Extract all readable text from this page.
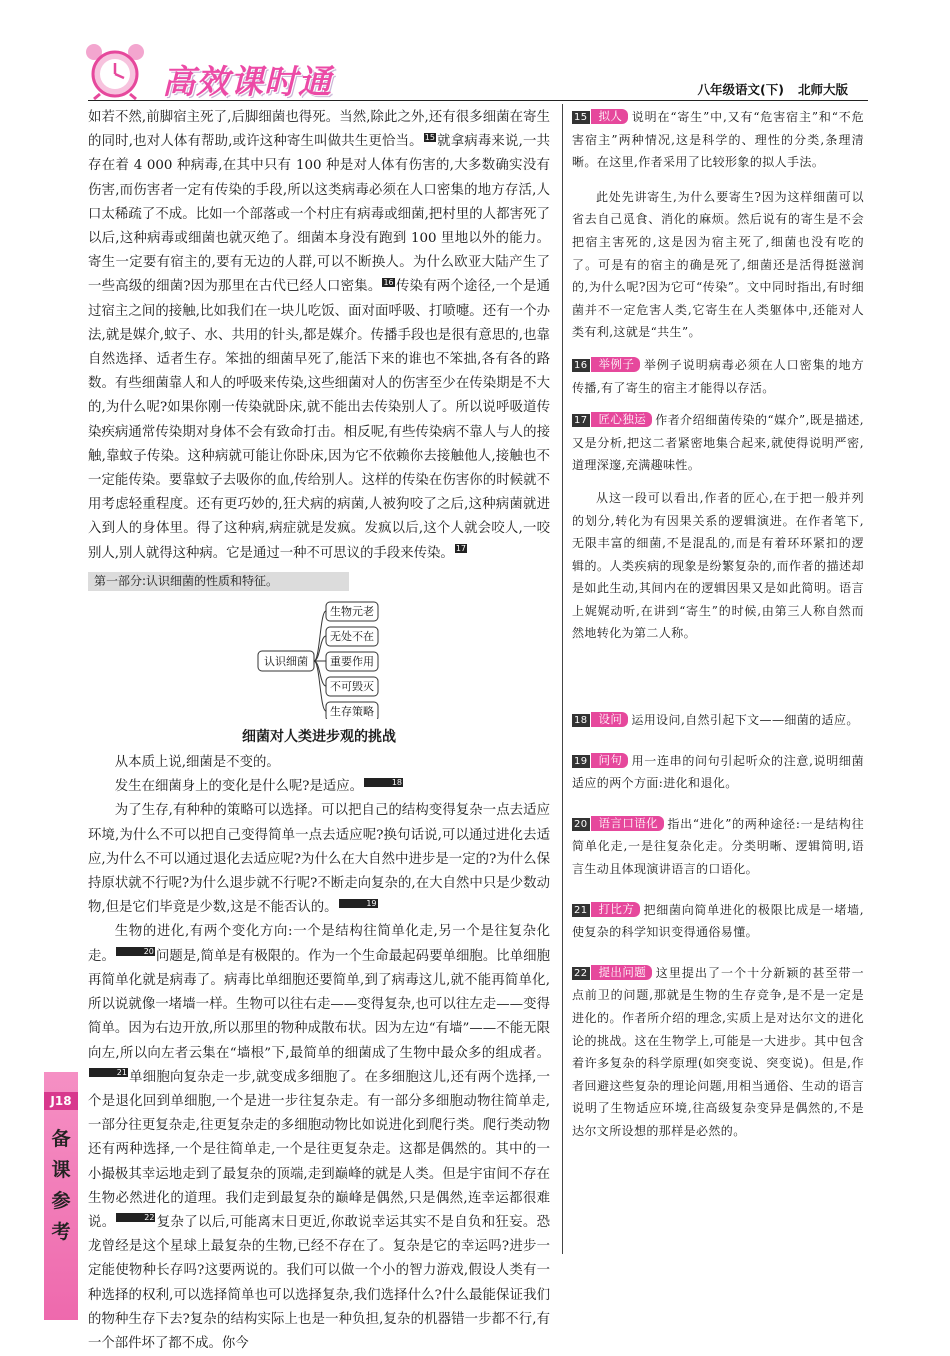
高效课时通	八年级语文(下) 北师大版

如若不然,前脚宿主死了,后脚细菌也得死。当然,除此之外,还有很多细菌在寄生的同时,也对人体有帮助,或许这种寄生叫做共生更恰当。 15 就拿病毒来说,一共存在着 4 000 种病毒,在其中只有 100 种是对人体有伤害的,大多数确实没有伤害,而伤害者一定有传染的手段,所以这类病毒必须在人口密集的地方存活,人口太稀疏了不成。比如一个部落或一个村庄有病毒或细菌,把村里的人都害死了以后,这种病毒或细菌也就灭绝了。细菌本身没有跑到 100 里地以外的能力。寄生一定要有宿主的,要有无边的人群,可以不断换人。为什么欧亚大陆产生了一些高级的细菌?因为那里在古代已经人口密集。 16 传染有两个途径,一个是通过宿主之间的接触,比如我们在一块儿吃饭、面对面呼吸、打喷嚏。还有一个办法,就是媒介,蚊子、水、共用的针头,都是媒介。传播手段也是很有意思的,也靠自然选择、适者生存。笨拙的细菌早死了,能活下来的谁也不笨拙,各有各的路数。有些细菌靠人和人的呼吸来传染,这些细菌对人的伤害至少在传染期是不大的,为什么呢?如果你刚一传染就卧床,就不能出去传染别人了。所以说呼吸道传染疾病通常传染期对身体不会有致命打击。相反呢,有些传染病不靠人与人的接触,靠蚊子传染。这种病就可能让你卧床,因为它不依赖你去接触他人,接触也不一定能传染。要靠蚊子去吸你的血,传给别人。这样的传染在伤害你的时候就不用考虑轻重程度。还有更巧妙的,狂犬病的病菌,人被狗咬了之后,这种病菌就进入到人的身体里。得了这种病,病症就是发疯。发疯以后,这个人就会咬人,一咬别人,别人就得这种病。它是通过一种不可思议的手段来传染。 17

第一部分:认识细菌的性质和特征。
认识细菌
生物元老
无处不在
重要作用
不可毁灭
生存策略
细菌对人类进步观的挑战

从本质上说,细菌是不变的。

发生在细菌身上的变化是什么呢?是适应。	18

为了生存,有种种的策略可以选择。可以把自己的结构变得复杂一点去适应环境,为什么不可以把自己变得简单一点去适应呢?换句话说,可以通过进化去适应,为什么不可以通过退化去适应呢?为什么在大自然中进步是一定的?为什么保持原状就不行呢?为什么退步就不行呢?不断走向复杂的,在大自然中只是少数动物,但是它们毕竟是少数,这是不能否认的。	19

生物的进化,有两个变化方向:一个是结构往简单化走,另一个是往复杂化走。	20 问题是,简单是有极限的。作为一个生命最起码要单细胞。比单细胞再简单化就是病毒了。病毒比单细胞还要简单,到了病毒这儿,就不能再简单化,所以说就像一堵墙一样。生物可以往右走——变得复杂,也可以往左走——变得简单。因为右边开放,所以那里的物种成散布状。因为左边“有墙”——不能无限向左,所以向左者云集在“墙根”下,最简单的细菌成了生物中最众多的组成者。21 单细胞向复杂走一步,就变成多细胞了。在多细胞这儿,还有两个选择,一个是退化回到单细胞,一个是进一步往复杂走。有一部分多细胞动物往简单走,一部分往更复杂走,往更复杂走的多细胞动物比如说进化到爬行类。爬行类动物还有两种选择,一个是往简单走,一个是往更复杂走。这都是偶然的。其中的一小撮极其幸运地走到了最复杂的顶端,走到巅峰的就是人类。但是宇宙间不存在生物必然进化的道理。我们走到最复杂的巅峰是偶然,只是偶然,连幸运都很难说。	22 复杂了以后,可能离末日更近,你敢说幸运其实不是自负和狂妄。恐龙曾经是这个星球上最复杂的生物,已经不存在了。复杂是它的幸运吗?进步一定能使物种长存吗?这要两说的。我们可以做一个小的智力游戏,假设人类有一种选择的权利,可以选择简单也可以选择复杂,我们选择什么?什么最能保证我们的物种生存下去?复杂的结构实际上也是一种负担,复杂的机器错一步都不行,有一个部件坏了都不成。你今

15 拟人 说明在“寄生”中,又有“危害宿主”和“不危害宿主”两种情况,这是科学的、理性的分类,条理清晰。在这里,作者采用了比较形象的拟人手法。

此处先讲寄生,为什么要寄生?因为这样细菌可以省去自己觅食、消化的麻烦。然后说有的寄生是不会把宿主害死的,这是因为宿主死了,细菌也没有吃的了。可是有的宿主的确是死了,细菌还是活得挺滋润的,为什么呢?因为它可“传染”。文中同时指出,有时细菌并不一定危害人类,它寄生在人类躯体中,还能对人类有利,这就是“共生”。

16 举例子 举例子说明病毒必须在人口密集的地方传播,有了寄生的宿主才能得以存活。

17 匠心独运 作者介绍细菌传染的“媒介”,既是描述,又是分析,把这二者紧密地集合起来,就使得说明严密,道理深邃,充满趣味性。

从这一段可以看出,作者的匠心,在于把一般并列的划分,转化为有因果关系的逻辑演进。在作者笔下,无限丰富的细菌,不是混乱的,而是有着环环紧扣的逻辑的。人类疾病的现象是纷繁复杂的,而作者的描述却是如此生动,其间内在的逻辑因果又是如此简明。语言上娓娓动听,在讲到“寄生”的时候,由第三人称自然而然地转化为第二人称。

18 设问 运用设问,自然引起下文——细菌的适应。

19 问句 用一连串的问句引起听众的注意,说明细菌适应的两个方面:进化和退化。

20 语言口语化 指出“进化”的两种途径:一是结构往简单化走,一是往复杂化走。分类明晰、逻辑简明,语言生动且体现演讲语言的口语化。

21 打比方 把细菌向简单进化的极限比成是一堵墙,使复杂的科学知识变得通俗易懂。

22 提出问题 这里提出了一个十分新颖的甚至带一点前卫的问题,那就是生物的生存竞争,是不是一定是进化的。作者所介绍的理念,实质上是对达尔文的进化论的挑战。这在生物学上,可能是一大进步。其中包含着许多复杂的科学原理(如突变说、突变说)。但是,作者回避这些复杂的理论问题,用相当通俗、生动的语言说明了生物适应环境,往高级复杂变异是偶然的,不是达尔文所设想的那样是必然的。

J18
备
课
参
考
